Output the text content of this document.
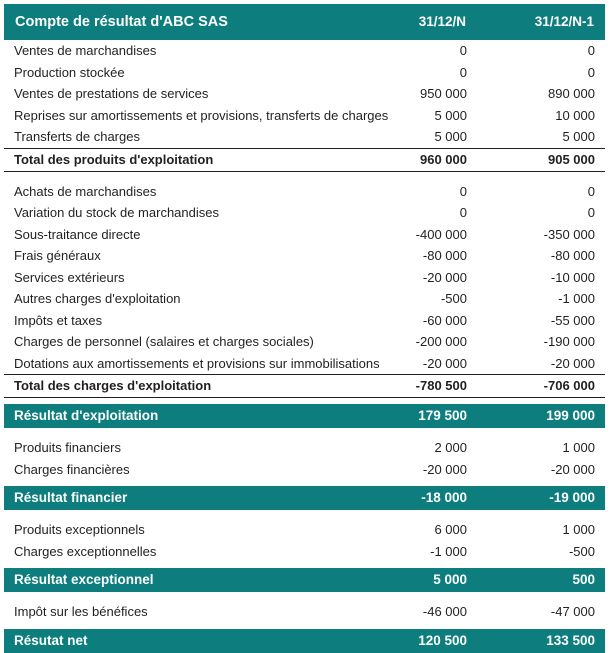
Compte de résultat d'ABC SAS	31/12/N	31/12/N-1
Ventes de marchandises	0	0
Production stockée	0	0
Ventes de prestations de services	950 000	890 000
Reprises sur amortissements et provisions, transferts de charges	5 000	10 000
Transferts de charges	5 000	5 000
Total des produits d'exploitation	960 000	905 000

Achats de marchandises	0	0
Variation du stock de marchandises	0	0
Sous-traitance directe	-400 000	-350 000
Frais généraux	-80 000	-80 000
Services extérieurs	-20 000	-10 000
Autres charges d'exploitation	-500	-1 000
Impôts et taxes	-60 000	-55 000
Charges de personnel (salaires et charges sociales)	-200 000	-190 000
Dotations aux amortissements et provisions sur immobilisations	-20 000	-20 000
Total des charges d'exploitation	-780 500	-706 000

Résultat d'exploitation	179 500	199 000

Produits financiers	2 000	1 000
Charges financières	-20 000	-20 000

Résultat financier	-18 000	-19 000

Produits exceptionnels	6 000	1 000
Charges exceptionnelles	-1 000	-500

Résultat exceptionnel	5 000	500

Impôt sur les bénéfices	-46 000	-47 000

Résutat net	120 500	133 500
